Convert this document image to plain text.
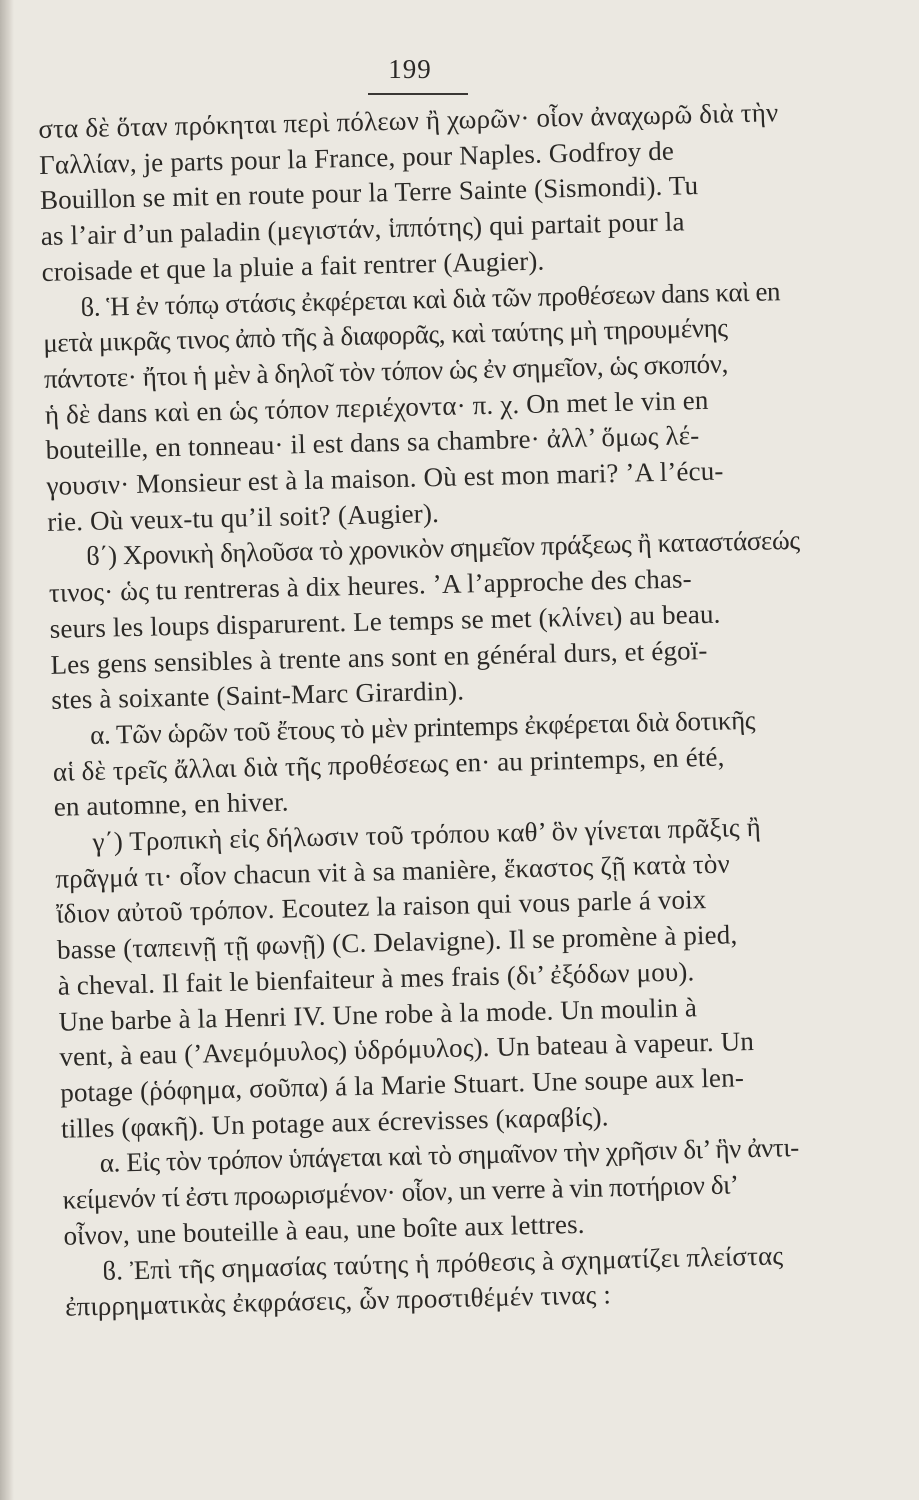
199
στα δὲ ὅταν πρόκηται περὶ πόλεων ἢ χωρῶν· οἷον ἀναχωρῶ διὰ τὴν
Γαλλίαν, je parts pour la France, pour Naples. Godfroy de
Bouillon se mit en route pour la Terre Sainte (Sismondi). Tu
as l’air d’un paladin (μεγιστάν, ἱππότης) qui partait pour la
croisade et que la pluie a fait rentrer (Augier).
ϐ. Ἡ ἐν τόπῳ στάσις ἐκφέρεται καὶ διὰ τῶν προθέσεων dans καὶ en
μετὰ μικρᾶς τινος ἀπὸ τῆς à διαφορᾶς, καὶ ταύτης μὴ τηρουμένης
πάντοτε· ἤτοι ἡ μὲν à δηλοῖ τὸν τόπον ὡς ἐν σημεῖον, ὡς σκοπόν,
ἡ δὲ dans καὶ en ὡς τόπον περιέχοντα· π. χ. On met le vin en
bouteille, en tonneau· il est dans sa chambre· ἀλλ’ ὅμως λέ-
γουσιν· Monsieur est à la maison. Où est mon mari? ’A l’écu-
rie. Où veux-tu qu’il soit? (Augier).
ϐ΄) Χρονικὴ δηλοῦσα τὸ χρονικὸν σημεῖον πράξεως ἢ καταστάσεώς
τινος· ὡς tu rentreras à dix heures. ’A l’approche des chas-
seurs les loups disparurent. Le temps se met (κλίνει) au beau.
Les gens sensibles à trente ans sont en général durs, et égoï-
stes à soixante (Saint-Marc Girardin).
α. Τῶν ὡρῶν τοῦ ἔτους τὸ μὲν printemps ἐκφέρεται διὰ δοτικῆς
αἱ δὲ τρεῖς ἄλλαι διὰ τῆς προθέσεως en· au printemps, en été,
en automne, en hiver.
γ΄) Τροπικὴ εἰς δήλωσιν τοῦ τρόπου καθ’ ὃν γίνεται πρᾶξις ἢ
πρᾶγμά τι· οἷον chacun vit à sa manière, ἕκαστος ζῇ κατὰ τὸν
ἴδιον αὐτοῦ τρόπον. Ecoutez la raison qui vous parle á voix
basse (ταπεινῇ τῇ φωνῇ) (C. Delavigne). Il se promène à pied,
à cheval. Il fait le bienfaiteur à mes frais (δι’ ἐξόδων μου).
Une barbe à la Henri IV. Une robe à la mode. Un moulin à
vent, à eau (’Ανεμόμυλος) ὑδρόμυλος). Un bateau à vapeur. Un
potage (ῥόφημα, σοῦπα) á la Marie Stuart. Une soupe aux len-
tilles (φακῆ). Un potage aux écrevisses (καραβίς).
α. Εἰς τὸν τρόπον ὑπάγεται καὶ τὸ σημαῖνον τὴν χρῆσιν δι’ ἣν ἀντι-
κείμενόν τί ἐστι προωρισμένον· οἷον, un verre à vin ποτήριον δι’
οἶνον, une bouteille à eau, une boîte aux lettres.
ϐ. Ἐπὶ τῆς σημασίας ταύτης ἡ πρόθεσις à σχηματίζει πλείστας
ἐπιρρηματικὰς ἐκφράσεις, ὧν προστιθέμέν τινας :
